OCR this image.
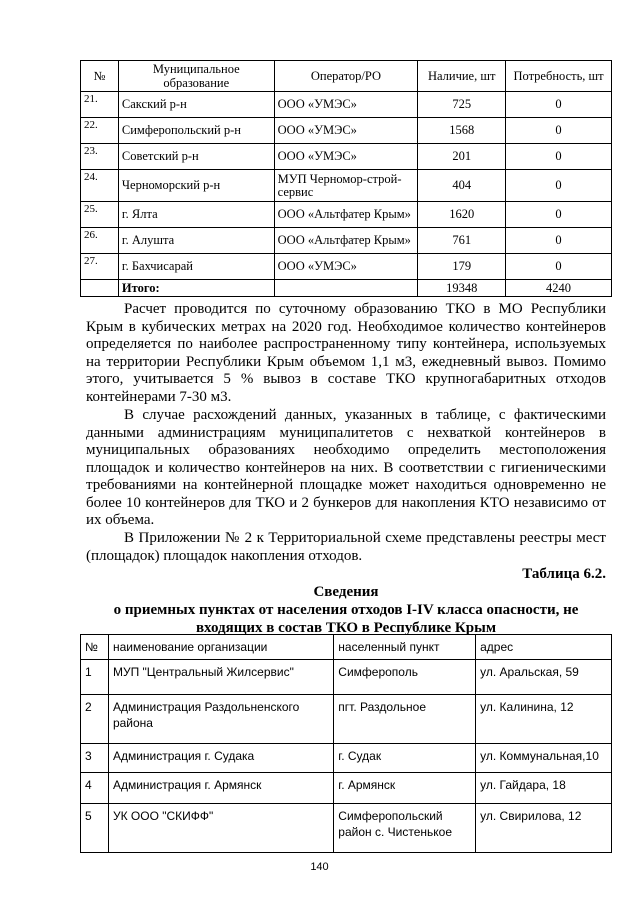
№	Муниципальное образование	Оператор/РО	Наличие, шт	Потребность, шт
21.	Сакский р-н	ООО «УМЭС»	725	0
22.	Симферопольский р-н	ООО «УМЭС»	1568	0
23.	Советский р-н	ООО «УМЭС»	201	0
24.	Черноморский р-н	МУП Черномор-строй-сервис	404	0
25.	г. Ялта	ООО «Альтфатер Крым»	1620	0
26.	г. Алушта	ООО «Альтфатер Крым»	761	0
27.	г. Бахчисарай	ООО «УМЭС»	179	0
	Итого:		19348	4240
Расчет проводится по суточному образованию ТКО в МО Республики Крым в кубических метрах на 2020 год. Необходимое количество контейнеров определяется по наиболее распространенному типу контейнера, используемых на территории Республики Крым объемом 1,1 м3, ежедневный вывоз. Помимо этого, учитывается 5 % вывоз в составе ТКО крупногабаритных отходов контейнерами 7-30 м3.
В случае расхождений данных, указанных в таблице, с фактическими данными администрациям муниципалитетов с нехваткой контейнеров в муниципальных образованиях необходимо определить местоположения площадок и количество контейнеров на них. В соответствии с гигиеническими требованиями на контейнерной площадке может находиться одновременно не более 10 контейнеров для ТКО и 2 бункеров для накопления КТО независимо от их объема.
В Приложении № 2 к Территориальной схеме представлены реестры мест (площадок) площадок накопления отходов.
Таблица 6.2.
Сведения
о приемных пунктах от населения отходов I-IV класса опасности, не входящих в состав ТКО в Республике Крым
№	наименование организации	населенный пункт	адрес
1	МУП "Центральный Жилсервис"	Симферополь	ул. Аральская, 59
2	Администрация Раздольненского района	пгт. Раздольное	ул. Калинина, 12
3	Администрация г. Судака	г. Судак	ул. Коммунальная,10
4	Администрация г. Армянск	г. Армянск	ул. Гайдара, 18
5	УК ООО "СКИФФ"	Симферопольский район с. Чистенькое	ул. Свирилова, 12
140
